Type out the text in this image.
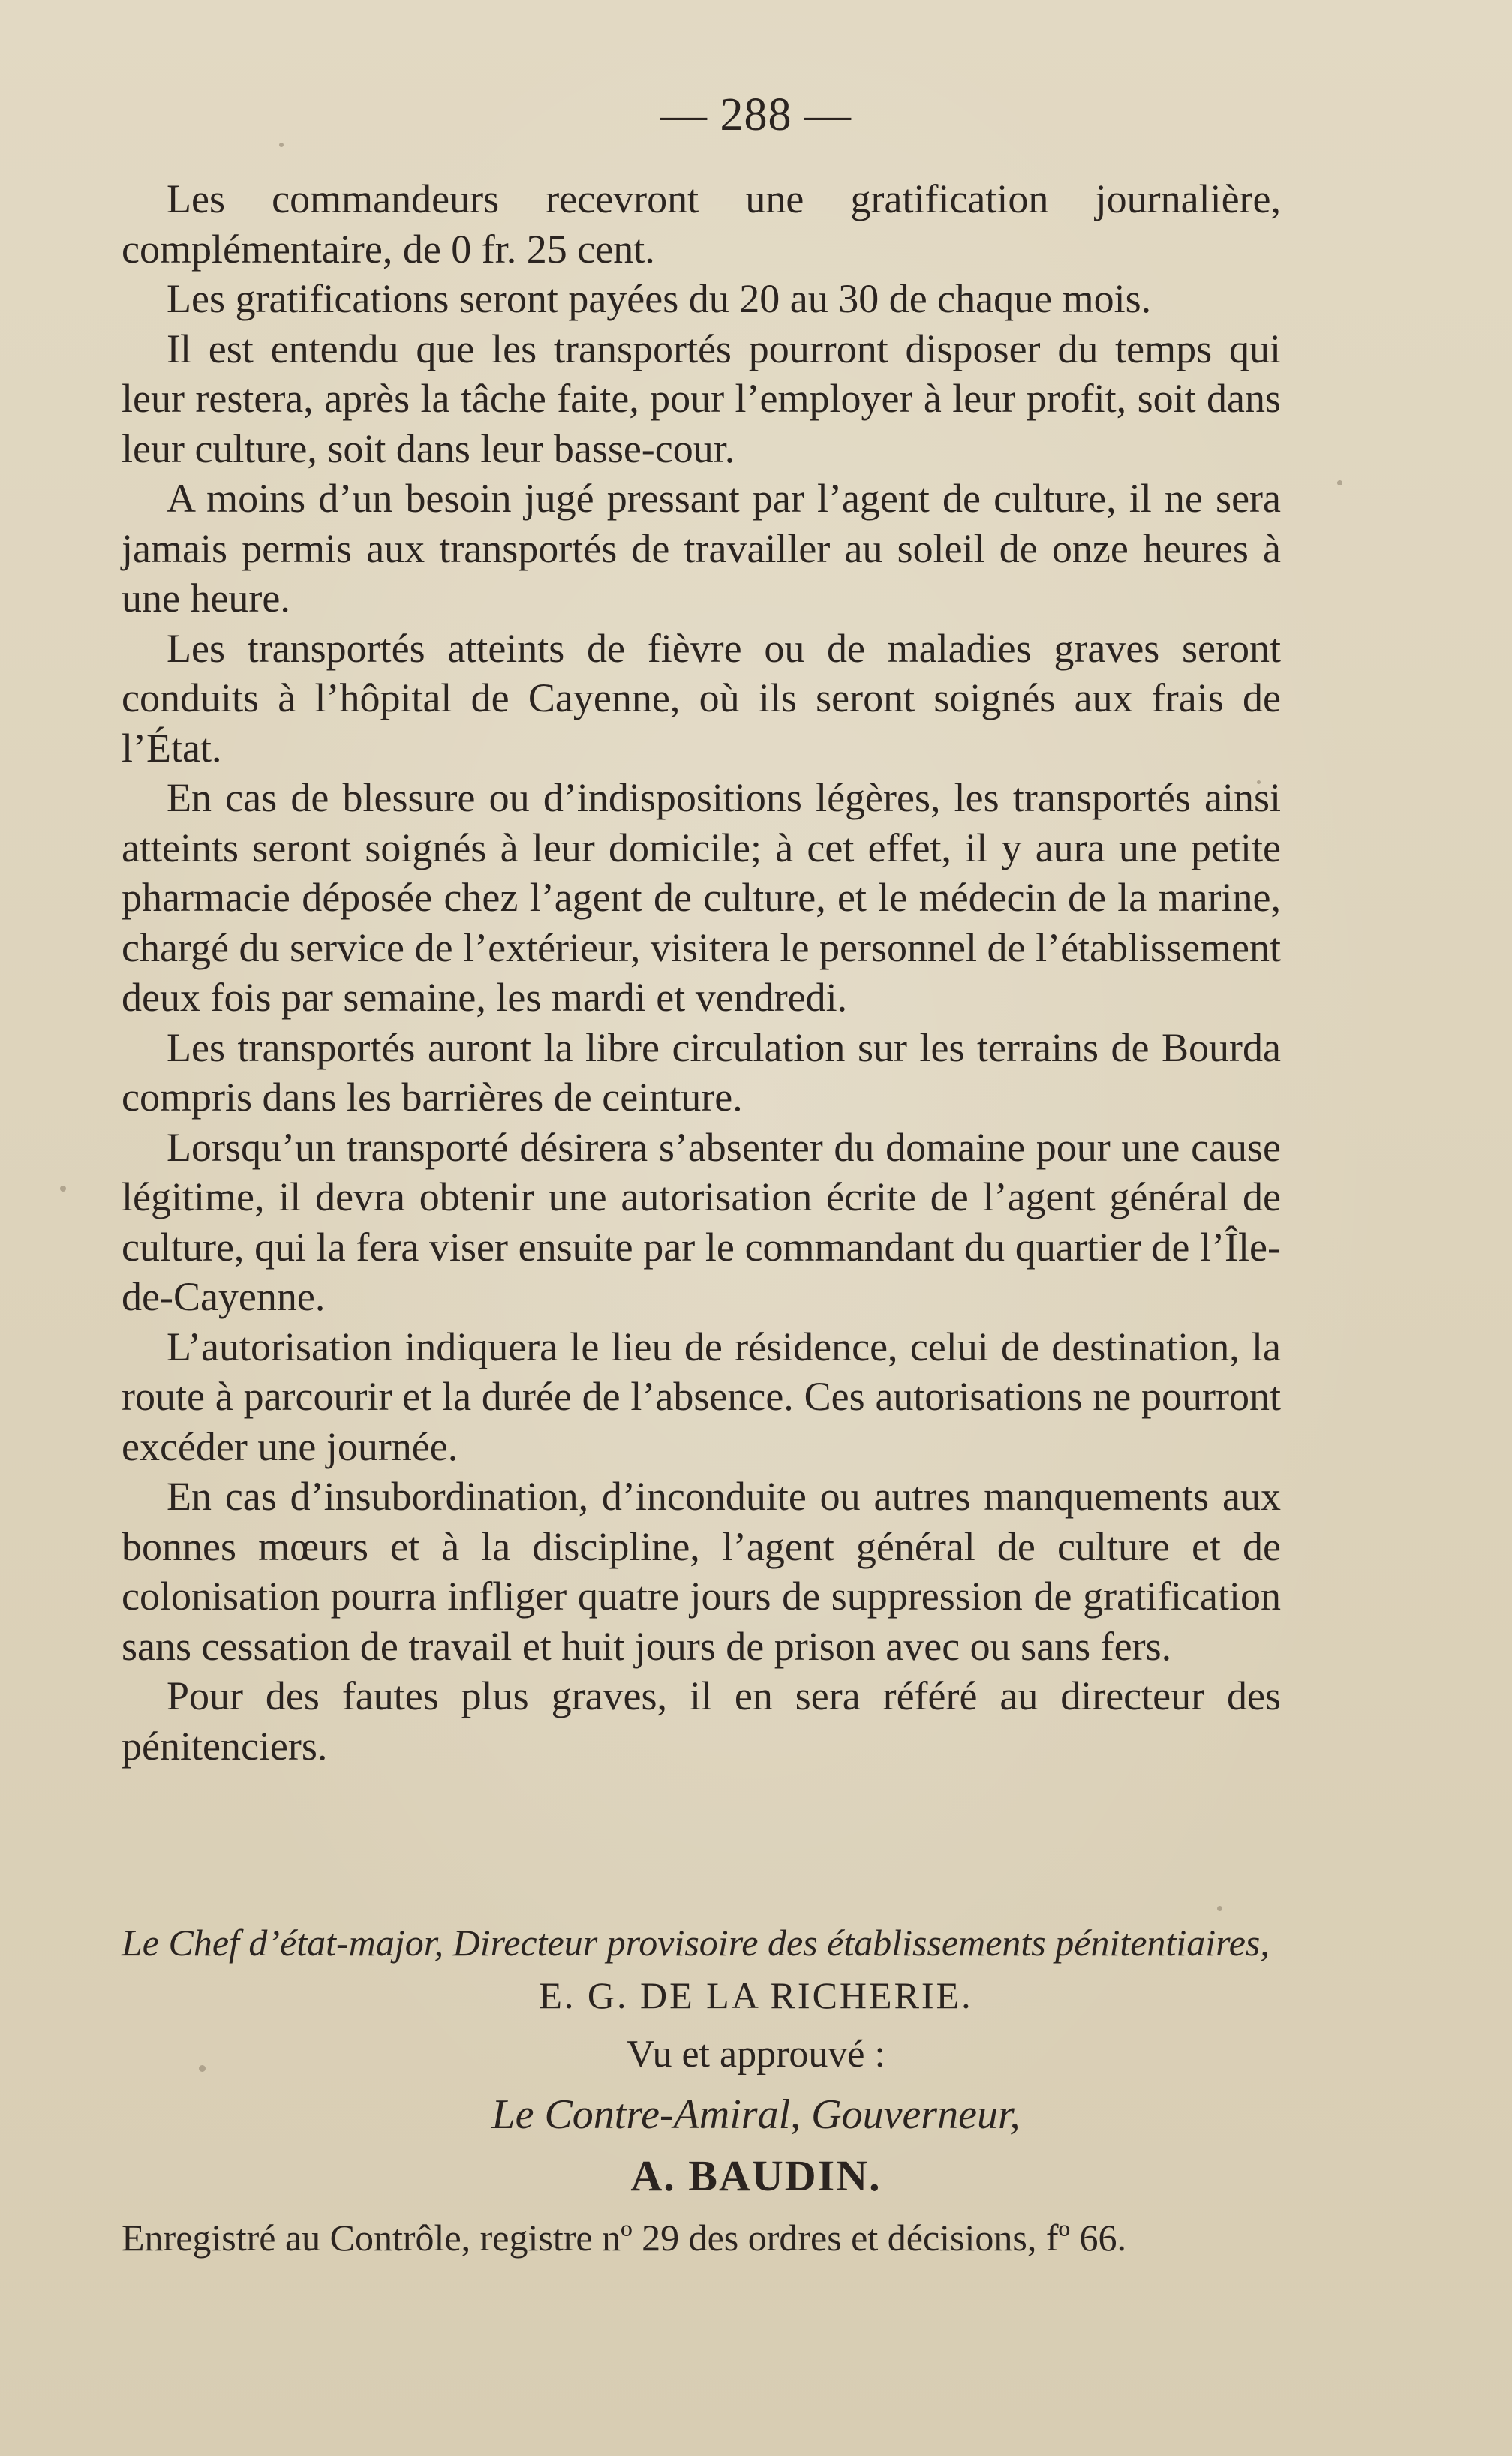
— 288 —

Les commandeurs recevront une gratification journalière, complémentaire, de 0 fr. 25 cent.

Les gratifications seront payées du 20 au 30 de chaque mois.

Il est entendu que les transportés pourront disposer du temps qui leur restera, après la tâche faite, pour l’employer à leur profit, soit dans leur culture, soit dans leur basse-cour.

A moins d’un besoin jugé pressant par l’agent de culture, il ne sera jamais permis aux transportés de travailler au soleil de onze heures à une heure.

Les transportés atteints de fièvre ou de maladies graves seront conduits à l’hôpital de Cayenne, où ils seront soignés aux frais de l’État.

En cas de blessure ou d’indispositions légères, les transportés ainsi atteints seront soignés à leur domicile; à cet effet, il y aura une petite pharmacie déposée chez l’agent de culture, et le médecin de la marine, chargé du service de l’extérieur, visitera le personnel de l’établissement deux fois par semaine, les mardi et vendredi.

Les transportés auront la libre circulation sur les terrains de Bourda compris dans les barrières de ceinture.

Lorsqu’un transporté désirera s’absenter du domaine pour une cause légitime, il devra obtenir une autorisation écrite de l’agent général de culture, qui la fera viser ensuite par le commandant du quartier de l’Île-de-Cayenne.

L’autorisation indiquera le lieu de résidence, celui de destination, la route à parcourir et la durée de l’absence. Ces autorisations ne pourront excéder une journée.

En cas d’insubordination, d’inconduite ou autres manquements aux bonnes mœurs et à la discipline, l’agent général de culture et de colonisation pourra infliger quatre jours de suppression de gratification sans cessation de travail et huit jours de prison avec ou sans fers.

Pour des fautes plus graves, il en sera référé au directeur des pénitenciers.

Le Chef d’état-major, Directeur provisoire des établissements pénitentiaires,
E. G. DE LA RICHERIE.
Vu et approuvé :
Le Contre-Amiral, Gouverneur,
A. BAUDIN.
Enregistré au Contrôle, registre nº 29 des ordres et décisions, fº 66.
